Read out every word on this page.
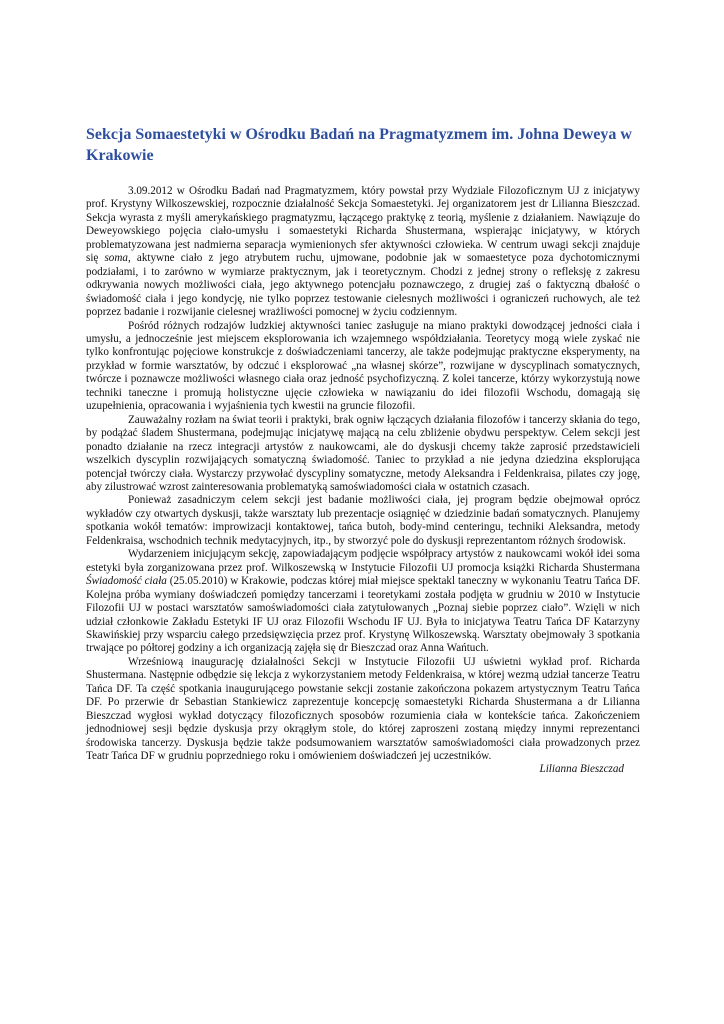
Sekcja Somaestetyki w Ośrodku Badań na Pragmatyzmem im. Johna Deweya w Krakowie

3.09.2012 w Ośrodku Badań nad Pragmatyzmem, który powstał przy Wydziale Filozoficznym UJ z inicjatywy prof. Krystyny Wilkoszewskiej, rozpocznie działalność Sekcja Somaestetyki. Jej organizatorem jest dr Lilianna Bieszczad. Sekcja wyrasta z myśli amerykańskiego pragmatyzmu, łączącego praktykę z teorią, myślenie z działaniem. Nawiązuje do Deweyowskiego pojęcia ciało-umysłu i somaestetyki Richarda Shustermana, wspierając inicjatywy, w których problematyzowana jest nadmierna separacja wymienionych sfer aktywności człowieka. W centrum uwagi sekcji znajduje się soma, aktywne ciało z jego atrybutem ruchu, ujmowane, podobnie jak w somaestetyce poza dychotomicznymi podziałami, i to zarówno w wymiarze praktycznym, jak i teoretycznym. Chodzi z jednej strony o refleksję z zakresu odkrywania nowych możliwości ciała, jego aktywnego potencjału poznawczego, z drugiej zaś o faktyczną dbałość o świadomość ciała i jego kondycję, nie tylko poprzez testowanie cielesnych możliwości i ograniczeń ruchowych, ale też poprzez badanie i rozwijanie cielesnej wrażliwości pomocnej w życiu codziennym.

Pośród różnych rodzajów ludzkiej aktywności taniec zasługuje na miano praktyki dowodzącej jedności ciała i umysłu, a jednocześnie jest miejscem eksplorowania ich wzajemnego współdziałania. Teoretycy mogą wiele zyskać nie tylko konfrontując pojęciowe konstrukcje z doświadczeniami tancerzy, ale także podejmując praktyczne eksperymenty, na przykład w formie warsztatów, by odczuć i eksplorować „na własnej skórze”, rozwijane w dyscyplinach somatycznych, twórcze i poznawcze możliwości własnego ciała oraz jedność psychofizyczną. Z kolei tancerze, którzy wykorzystują nowe techniki taneczne i promują holistyczne ujęcie człowieka w nawiązaniu do idei filozofii Wschodu, domagają się uzupełnienia, opracowania i wyjaśnienia tych kwestii na gruncie filozofii.

Zauważalny rozłam na świat teorii i praktyki, brak ogniw łączących działania filozofów i tancerzy skłania do tego, by podążać śladem Shustermana, podejmując inicjatywę mającą na celu zbliżenie obydwu perspektyw. Celem sekcji jest ponadto działanie na rzecz integracji artystów z naukowcami, ale do dyskusji chcemy także zaprosić przedstawicieli wszelkich dyscyplin rozwijających somatyczną świadomość. Taniec to przykład a nie jedyna dziedzina eksplorująca potencjał twórczy ciała. Wystarczy przywołać dyscypliny somatyczne, metody Aleksandra i Feldenkraisa, pilates czy jogę, aby zilustrować wzrost zainteresowania problematyką samoświadomości ciała w ostatnich czasach.

Ponieważ zasadniczym celem sekcji jest badanie możliwości ciała, jej program będzie obejmował oprócz wykładów czy otwartych dyskusji, także warsztaty lub prezentacje osiągnięć w dziedzinie badań somatycznych. Planujemy spotkania wokół tematów: improwizacji kontaktowej, tańca butoh, body-mind centeringu, techniki Aleksandra, metody Feldenkraisa, wschodnich technik medytacyjnych, itp., by stworzyć pole do dyskusji reprezentantom różnych środowisk.

Wydarzeniem inicjującym sekcję, zapowiadającym podjęcie współpracy artystów z naukowcami wokół idei soma estetyki była zorganizowana przez prof. Wilkoszewską w Instytucie Filozofii UJ promocja książki Richarda Shustermana Świadomość ciała (25.05.2010) w Krakowie, podczas której miał miejsce spektakl taneczny w wykonaniu Teatru Tańca DF. Kolejna próba wymiany doświadczeń pomiędzy tancerzami i teoretykami została podjęta w grudniu w 2010 w Instytucie Filozofii UJ w postaci warsztatów samoświadomości ciała zatytułowanych „Poznaj siebie poprzez ciało”. Wzięli w nich udział członkowie Zakładu Estetyki IF UJ oraz Filozofii Wschodu IF UJ. Była to inicjatywa Teatru Tańca DF Katarzyny Skawińskiej przy wsparciu całego przedsięwzięcia przez prof. Krystynę Wilkoszewską. Warsztaty obejmowały 3 spotkania trwające po półtorej godziny a ich organizacją zajęła się dr Bieszczad oraz Anna Wańtuch.

Wrześniową inaugurację działalności Sekcji w Instytucie Filozofii UJ uświetni wykład prof. Richarda Shustermana. Następnie odbędzie się lekcja z wykorzystaniem metody Feldenkraisa, w której wezmą udział tancerze Teatru Tańca DF. Ta część spotkania inaugurującego powstanie sekcji zostanie zakończona pokazem artystycznym Teatru Tańca DF. Po przerwie dr Sebastian Stankiewicz zaprezentuje koncepcję somaestetyki Richarda Shustermana a dr Lilianna Bieszczad wygłosi wykład dotyczący filozoficznych sposobów rozumienia ciała w kontekście tańca. Zakończeniem jednodniowej sesji będzie dyskusja przy okrągłym stole, do której zaproszeni zostaną między innymi reprezentanci środowiska tancerzy. Dyskusja będzie także podsumowaniem warsztatów samoświadomości ciała prowadzonych przez Teatr Tańca DF w grudniu poprzedniego roku i omówieniem doświadczeń jej uczestników.

Lilianna Bieszczad
